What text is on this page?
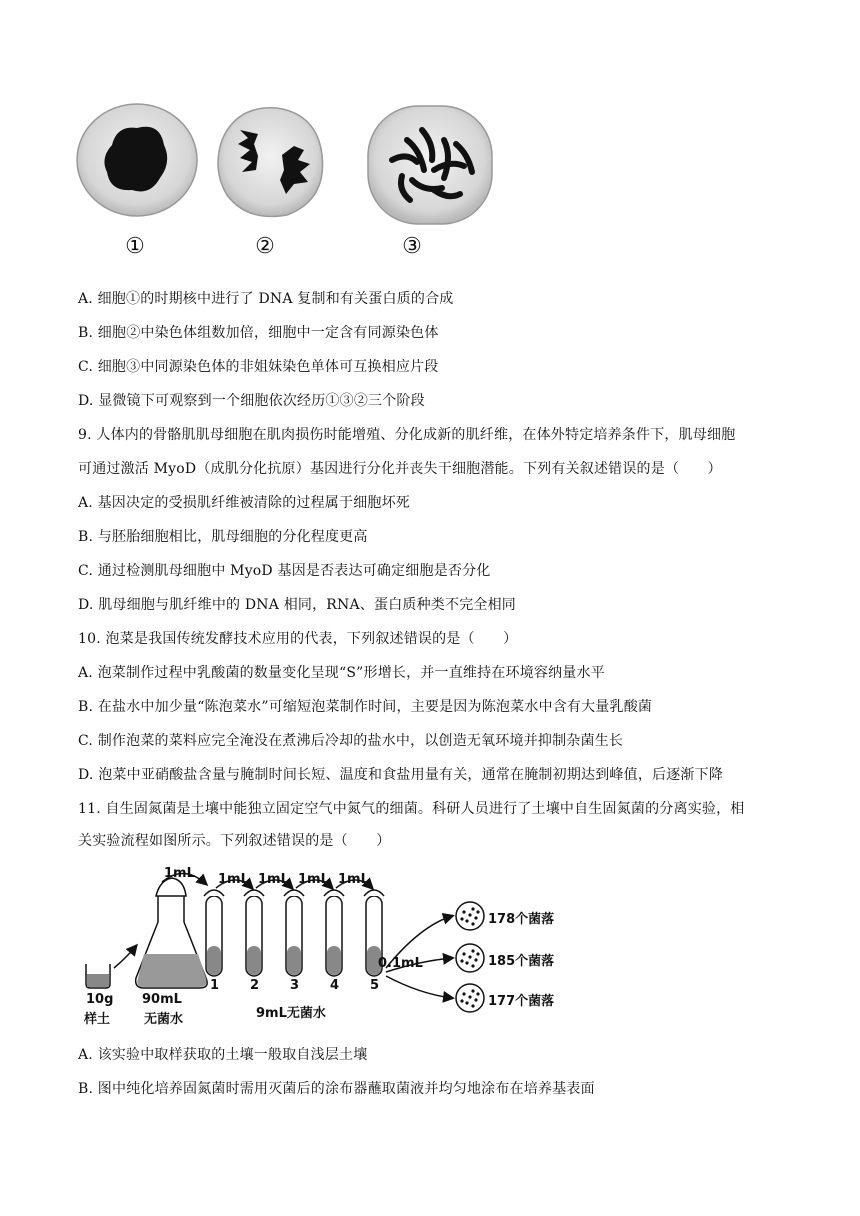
①	②	③
A. 细胞①的时期核中进行了 DNA 复制和有关蛋白质的合成
B. 细胞②中染色体组数加倍，细胞中一定含有同源染色体
C. 细胞③中同源染色体的非姐妹染色单体可互换相应片段
D. 显微镜下可观察到一个细胞依次经历①③②三个阶段
9. 人体内的骨骼肌肌母细胞在肌肉损伤时能增殖、分化成新的肌纤维，在体外特定培养条件下，肌母细胞
可通过激活 MyoD（成肌分化抗原）基因进行分化并丧失干细胞潜能。下列有关叙述错误的是（　　）
A. 基因决定的受损肌纤维被清除的过程属于细胞坏死
B. 与胚胎细胞相比，肌母细胞的分化程度更高
C. 通过检测肌母细胞中 MyoD 基因是否表达可确定细胞是否分化
D. 肌母细胞与肌纤维中的 DNA 相同，RNA、蛋白质种类不完全相同
10. 泡菜是我国传统发酵技术应用的代表，下列叙述错误的是（　　）
A. 泡菜制作过程中乳酸菌的数量变化呈现“S”形增长，并一直维持在环境容纳量水平
B. 在盐水中加少量“陈泡菜水”可缩短泡菜制作时间，主要是因为陈泡菜水中含有大量乳酸菌
C. 制作泡菜的菜料应完全淹没在煮沸后冷却的盐水中，以创造无氧环境并抑制杂菌生长
D. 泡菜中亚硝酸盐含量与腌制时间长短、温度和食盐用量有关，通常在腌制初期达到峰值，后逐渐下降
11. 自生固氮菌是土壤中能独立固定空气中氮气的细菌。科研人员进行了土壤中自生固氮菌的分离实验，相
关实验流程如图所示。下列叙述错误的是（　　）
1mL 1mL 1mL 1mL 1mL
1 2 3 4 5
10g
样土
90mL
无菌水	9mL无菌水
0.1mL
178个菌落
185个菌落
177个菌落
A. 该实验中取样获取的土壤一般取自浅层土壤
B. 图中纯化培养固氮菌时需用灭菌后的涂布器蘸取菌液并均匀地涂布在培养基表面
